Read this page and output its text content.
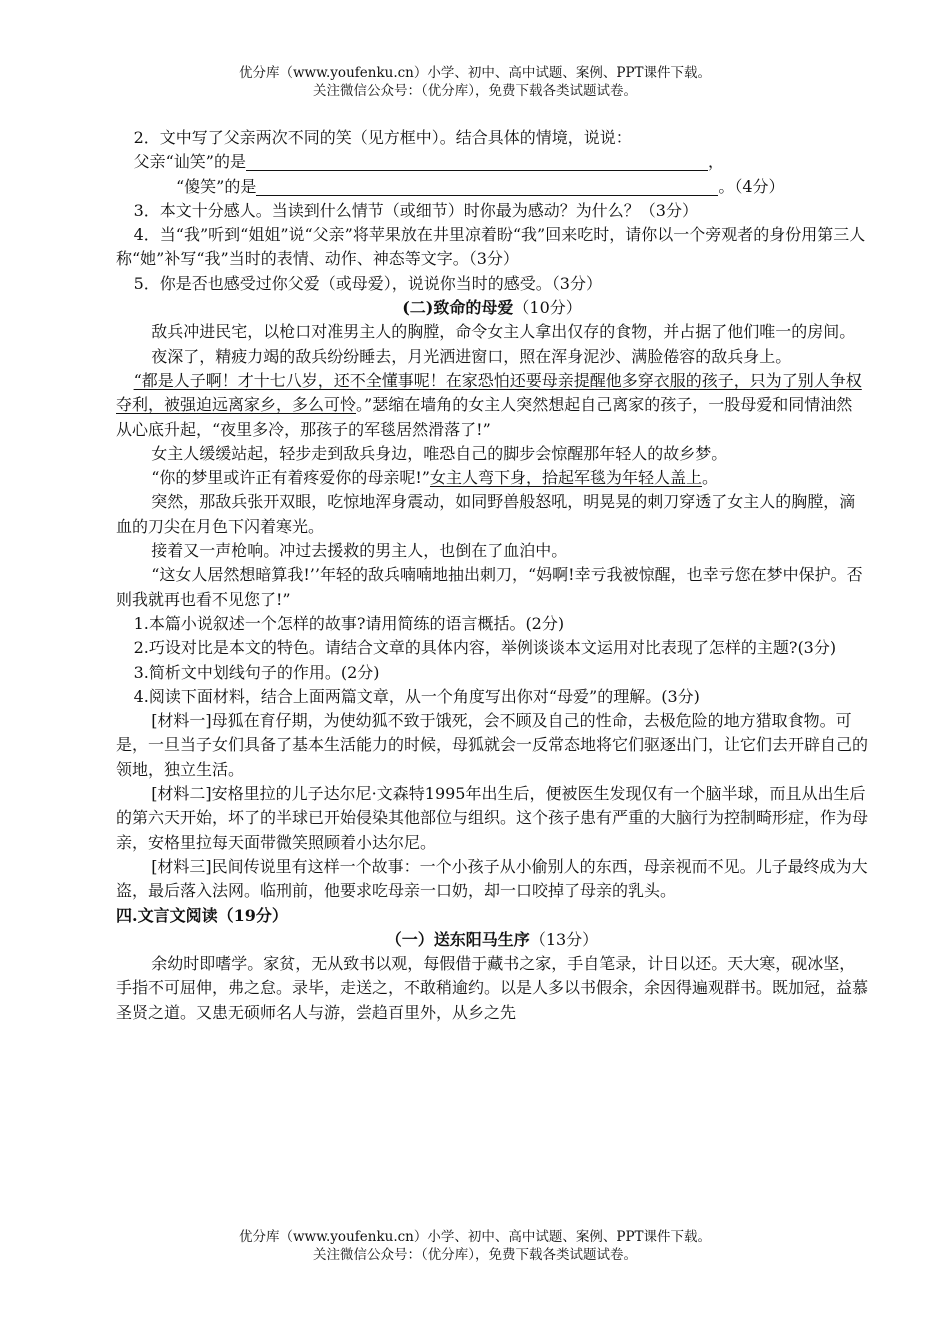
优分库（www.youfenku.cn）小学、初中、高中试题、案例、PPT课件下载。
关注微信公众号：（优分库），免费下载各类试题试卷。

2．文中写了父亲两次不同的笑（见方框中）。结合具体的情境，说说：

父亲“讪笑”的是	，

“傻笑”的是	。（4分）

3．本文十分感人。当读到什么情节（或细节）时你最为感动？为什么？（3分）

4．当“我”听到“姐姐”说“父亲”将苹果放在井里凉着盼“我”回来吃时，请你以一个旁观者的身份用第三人称“她”补写“我”当时的表情、动作、神态等文字。（3分）

5．你是否也感受过你父爱（或母爱），说说你当时的感受。（3分）

(二)致命的母爱（10分）

敌兵冲进民宅，以枪口对准男主人的胸膛，命令女主人拿出仅存的食物，并占据了他们唯一的房间。

夜深了，精疲力竭的敌兵纷纷睡去，月光洒进窗口，照在浑身泥沙、满脸倦容的敌兵身上。

“都是人子啊！才十七八岁，还不全懂事呢！在家恐怕还要母亲提醒他多穿衣服的孩子，只为了别人争权夺利，被强迫远离家乡，多么可怜。”瑟缩在墙角的女主人突然想起自己离家的孩子，一股母爱和同情油然从心底升起，“夜里多冷，那孩子的军毯居然滑落了!”

女主人缓缓站起，轻步走到敌兵身边，唯恐自己的脚步会惊醒那年轻人的故乡梦。

“你的梦里或许正有着疼爱你的母亲呢!”女主人弯下身，拾起军毯为年轻人盖上。

突然，那敌兵张开双眼，吃惊地浑身震动，如同野兽般怒吼，明晃晃的刺刀穿透了女主人的胸膛，滴血的刀尖在月色下闪着寒光。

接着又一声枪响。冲过去援救的男主人，也倒在了血泊中。

“这女人居然想暗算我!’’年轻的敌兵喃喃地抽出刺刀，“妈啊!幸亏我被惊醒，也幸亏您在梦中保护。否则我就再也看不见您了!”

1.本篇小说叙述一个怎样的故事?请用简练的语言概括。(2分)

2.巧设对比是本文的特色。请结合文章的具体内容，举例谈谈本文运用对比表现了怎样的主题?(3分)

3.简析文中划线句子的作用。(2分)

4.阅读下面材料，结合上面两篇文章，从一个角度写出你对“母爱”的理解。(3分)

[材料一]母狐在育仔期，为使幼狐不致于饿死，会不顾及自己的性命，去极危险的地方猎取食物。可是，一旦当子女们具备了基本生活能力的时候，母狐就会一反常态地将它们驱逐出门，让它们去开辟自己的领地，独立生活。

[材料二]安格里拉的儿子达尔尼·文森特1995年出生后，便被医生发现仅有一个脑半球，而且从出生后的第六天开始，坏了的半球已开始侵染其他部位与组织。这个孩子患有严重的大脑行为控制畸形症，作为母亲，安格里拉每天面带微笑照顾着小达尔尼。

[材料三]民间传说里有这样一个故事：一个小孩子从小偷别人的东西，母亲视而不见。儿子最终成为大盗，最后落入法网。临刑前，他要求吃母亲一口奶，却一口咬掉了母亲的乳头。

四.文言文阅读（19分）

（一）送东阳马生序（13分）

余幼时即嗜学。家贫，无从致书以观，每假借于藏书之家，手自笔录，计日以还。天大寒，砚冰坚，手指不可屈伸，弗之怠。录毕，走送之，不敢稍逾约。以是人多以书假余，余因得遍观群书。既加冠，益慕圣贤之道。又患无硕师名人与游，尝趋百里外，从乡之先

优分库（www.youfenku.cn）小学、初中、高中试题、案例、PPT课件下载。
关注微信公众号：（优分库），免费下载各类试题试卷。
